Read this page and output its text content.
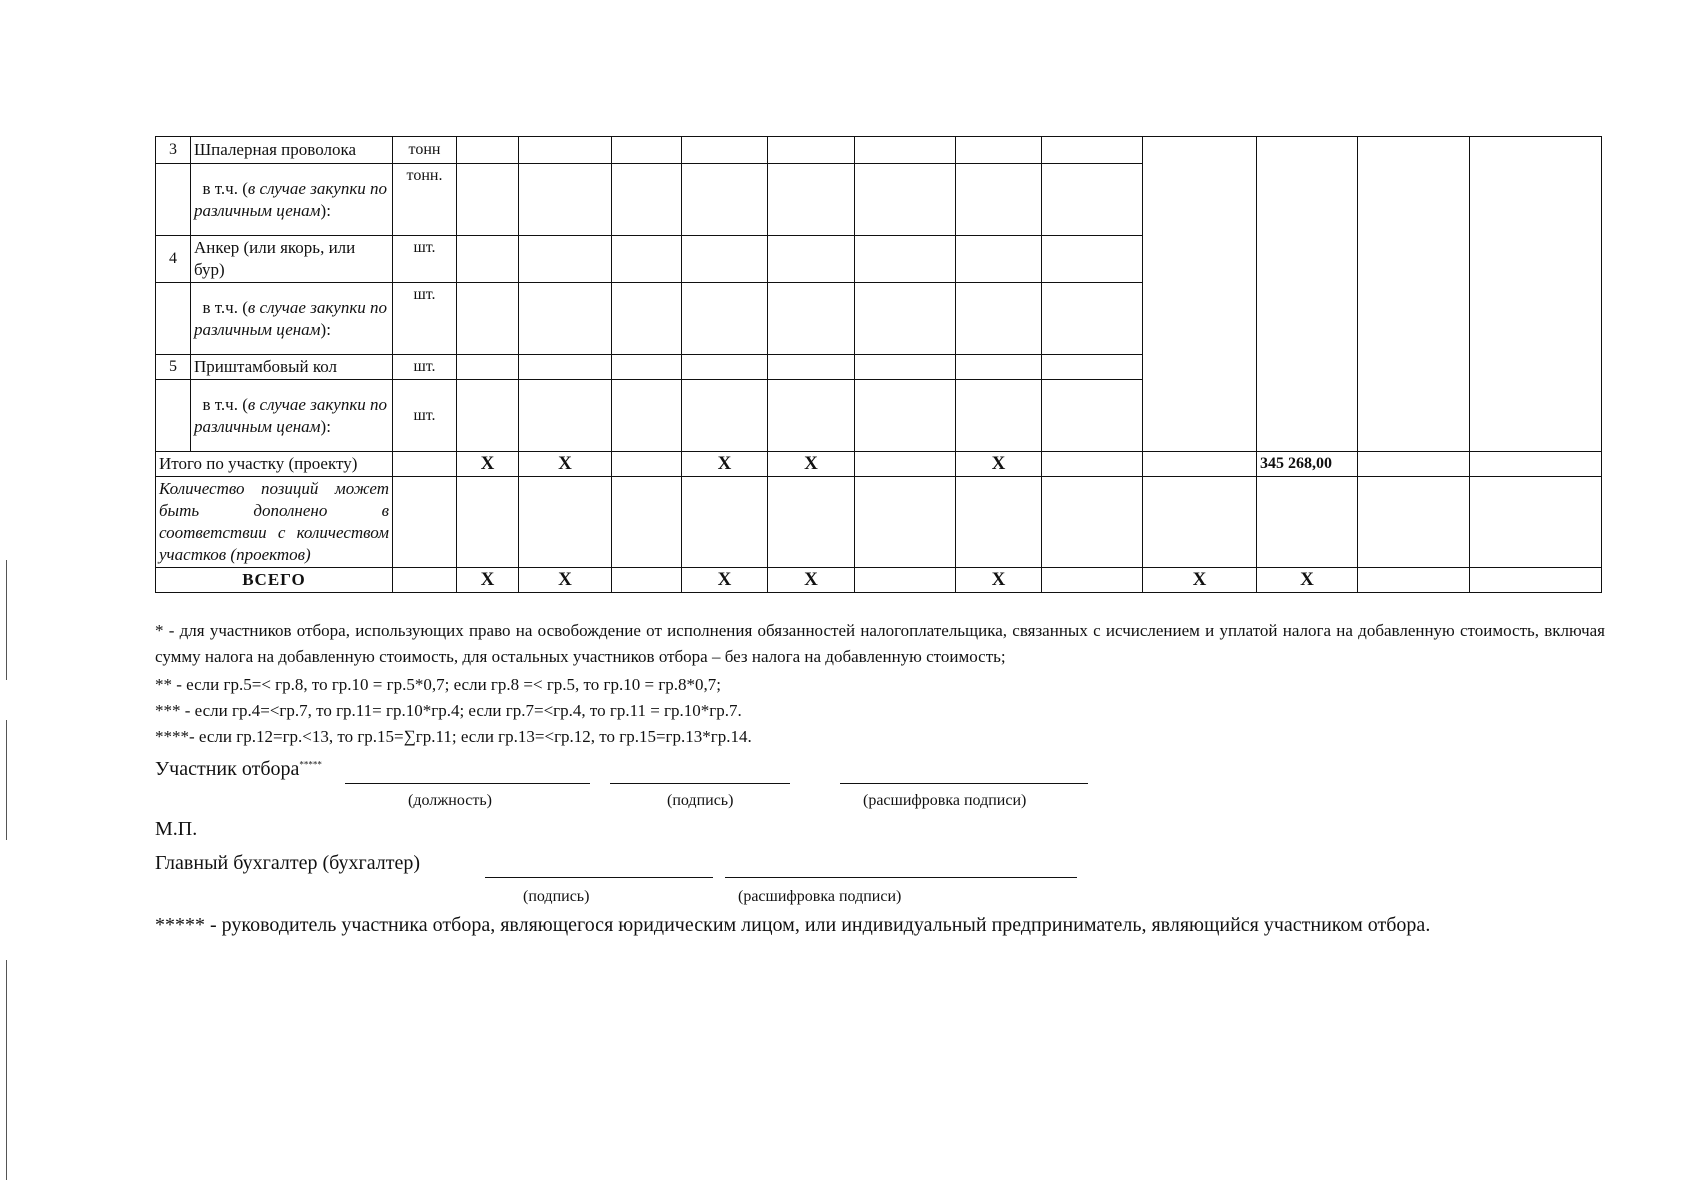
3	Шпалерная проволока	тонн												
	в т.ч. (в случае закупки по различным ценам):	тонн.												
4	Анкер (или якорь, или бур)	шт.												
	в т.ч. (в случае закупки по различным ценам):	шт.												
5	Приштамбовый кол	шт.												
	в т.ч. (в случае закупки по различным ценам):	шт.												
Итого по участку (проекту)			X	X		X	X		X			345 268,00		
Количество позиций может быть дополнено в соответствии с количеством участков (проектов)														
ВСЕГО			X	X		X	X		X		X	X		
* - для участников отбора, использующих право на освобождение от исполнения обязанностей налогоплательщика, связанных с исчислением и уплатой налога на добавленную стоимость, включая сумму налога на добавленную стоимость, для остальных участников отбора – без налога на добавленную стоимость;
** - если гр.5=< гр.8, то гр.10 = гр.5*0,7; если гр.8 =< гр.5, то гр.10 = гр.8*0,7;
*** - если гр.4=<гр.7, то гр.11= гр.10*гр.4; если гр.7=<гр.4, то гр.11 = гр.10*гр.7.
****- если гр.12=гр.<13, то гр.15=∑гр.11; если гр.13=<гр.12, то гр.15=гр.13*гр.14.
Участник отбора*****
(должность)	(подпись)	(расшифровка подписи)
М.П.
Главный бухгалтер (бухгалтер)
(подпись)	(расшифровка подписи)
***** - руководитель участника отбора, являющегося юридическим лицом, или индивидуальный предприниматель, являющийся участником отбора.
